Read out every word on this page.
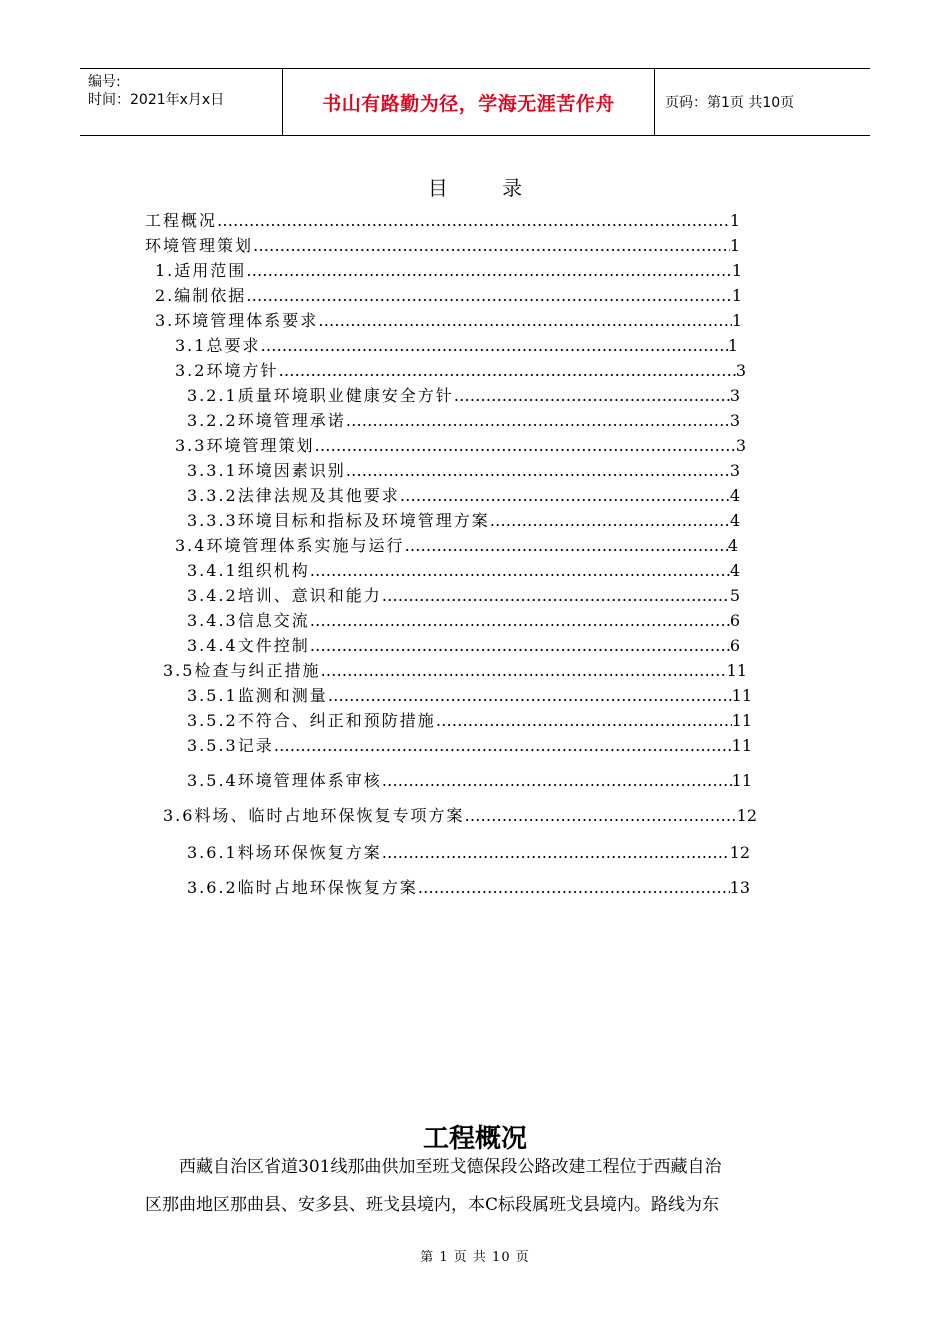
编号:
时间：2021年x月x日	书山有路勤为径，学海无涯苦作舟	页码：第1页 共10页
目 录
工程概况 …………………………………………………………………………………………………………………………………………………………………………	1
环境管理策划 …………………………………………………………………………………………………………………………………………………………………………	1
1.适用范围 …………………………………………………………………………………………………………………………………………………………………………	1
2.编制依据 …………………………………………………………………………………………………………………………………………………………………………	1
3.环境管理体系要求 …………………………………………………………………………………………………………………………………………………………………………	1
3.1总要求 …………………………………………………………………………………………………………………………………………………………………………	1
3.2环境方针 …………………………………………………………………………………………………………………………………………………………………………	3
3.2.1质量环境职业健康安全方针 …………………………………………………………………………………………………………………………………………………………………………	3
3.2.2环境管理承诺 …………………………………………………………………………………………………………………………………………………………………………	3
3.3环境管理策划 …………………………………………………………………………………………………………………………………………………………………………	3
3.3.1环境因素识别 …………………………………………………………………………………………………………………………………………………………………………	3
3.3.2法律法规及其他要求 …………………………………………………………………………………………………………………………………………………………………………	4
3.3.3环境目标和指标及环境管理方案 …………………………………………………………………………………………………………………………………………………………………………	4
3.4环境管理体系实施与运行 …………………………………………………………………………………………………………………………………………………………………………	4
3.4.1组织机构 …………………………………………………………………………………………………………………………………………………………………………	4
3.4.2培训、意识和能力 …………………………………………………………………………………………………………………………………………………………………………	5
3.4.3信息交流 …………………………………………………………………………………………………………………………………………………………………………	6
3.4.4文件控制 …………………………………………………………………………………………………………………………………………………………………………	6
3.5检查与纠正措施 …………………………………………………………………………………………………………………………………………………………………………	11
3.5.1监测和测量 …………………………………………………………………………………………………………………………………………………………………………	11
3.5.2不符合、纠正和预防措施 …………………………………………………………………………………………………………………………………………………………………………	11
3.5.3记录 …………………………………………………………………………………………………………………………………………………………………………	11
3.5.4环境管理体系审核 …………………………………………………………………………………………………………………………………………………………………………	11
3.6料场、临时占地环保恢复专项方案 …………………………………………………………………………………………………………………………………………………………………………	12
3.6.1料场环保恢复方案 …………………………………………………………………………………………………………………………………………………………………………	12
3.6.2临时占地环保恢复方案 …………………………………………………………………………………………………………………………………………………………………………	13
工程概况
西藏自治区省道301线那曲供加至班戈德保段公路改建工程位于西藏自治
区那曲地区那曲县、安多县、班戈县境内，本C标段属班戈县境内。路线为东
第 1 页 共 10 页
